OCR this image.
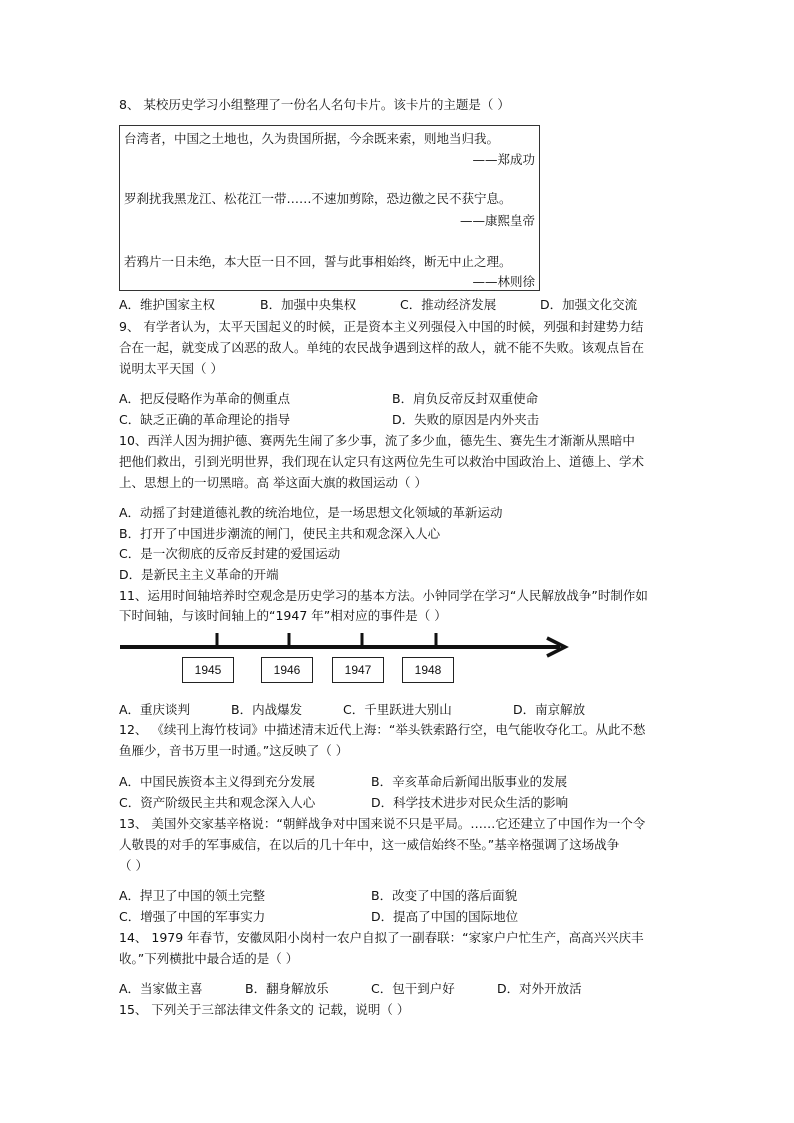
8、 某校历史学习小组整理了一份名人名句卡片。该卡片的主题是（ ）
台湾者，中国之土地也，久为贵国所据，今余既来索，则地当归我。
——郑成功
罗刹扰我黑龙江、松花江一带……不速加剪除，恐边徼之民不获宁息。
——康熙皇帝
若鸦片一日未绝，本大臣一日不回，誓与此事相始终，断无中止之理。
——林则徐
A．维护国家主权	B．加强中央集权	C．推动经济发展	D．加强文化交流
9、 有学者认为，太平天国起义的时候，正是资本主义列强侵入中国的时候，列强和封建势力结
合在一起，就变成了凶恶的敌人。单纯的农民战争遇到这样的敌人，就不能不失败。该观点旨在
说明太平天国（ ）
A．把反侵略作为革命的侧重点	B．肩负反帝反封双重使命
C．缺乏正确的革命理论的指导	D．失败的原因是内外夹击
10、西洋人因为拥护德、赛两先生闹了多少事，流了多少血，德先生、赛先生才渐渐从黑暗中
把他们救出，引到光明世界，我们现在认定只有这两位先生可以救治中国政治上、道德上、学术
上、思想上的一切黑暗。高 举这面大旗的救国运动（ ）
A．动摇了封建道德礼教的统治地位，是一场思想文化领域的革新运动
B．打开了中国进步潮流的闸门，使民主共和观念深入人心
C．是一次彻底的反帝反封建的爱国运动
D．是新民主主义革命的开端
11、运用时间轴培养时空观念是历史学习的基本方法。小钟同学在学习“人民解放战争”时制作如
下时间轴，与该时间轴上的“1947 年”相对应的事件是（ ）
1945	1946	1947	1948
A．重庆谈判	B．内战爆发	C．千里跃进大别山	D．南京解放
12、 《续刊上海竹枝词》中描述清末近代上海：“举头铁索路行空，电气能收夺化工。从此不愁
鱼雁少，音书万里一时通。”这反映了（ ）
A．中国民族资本主义得到充分发展	B．辛亥革命后新闻出版事业的发展
C．资产阶级民主共和观念深入人心	D．科学技术进步对民众生活的影响
13、 美国外交家基辛格说：“朝鲜战争对中国来说不只是平局。……它还建立了中国作为一个令
人敬畏的对手的军事威信，在以后的几十年中，这一威信始终不坠。”基辛格强调了这场战争
（ ）
A．捍卫了中国的领土完整	B．改变了中国的落后面貌
C．增强了中国的军事实力	D．提高了中国的国际地位
14、 1979 年春节，安徽凤阳小岗村一农户自拟了一副春联：“家家户户忙生产，高高兴兴庆丰
收。”下列横批中最合适的是（ ）
A．当家做主喜	B．翻身解放乐	C．包干到户好	D．对外开放活
15、 下列关于三部法律文件条文的 记载，说明（ ）
